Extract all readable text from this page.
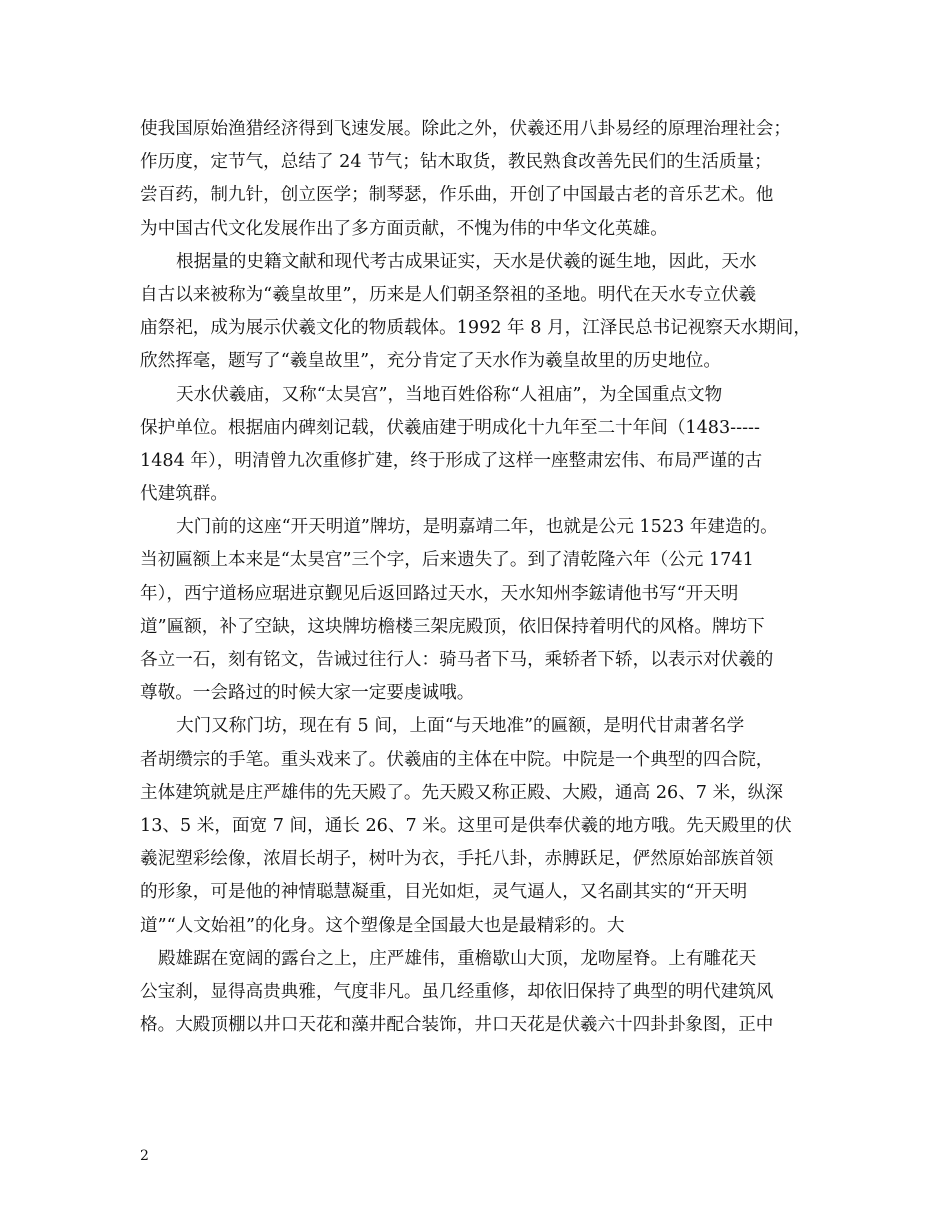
使我国原始渔猎经济得到飞速发展。除此之外，伏羲还用八卦易经的原理治理社会；
作历度，定节气，总结了 24 节气；钻木取货，教民熟食改善先民们的生活质量；
尝百药，制九针，创立医学；制琴瑟，作乐曲，开创了中国最古老的音乐艺术。他
为中国古代文化发展作出了多方面贡献，不愧为伟的中华文化英雄。
根据量的史籍文献和现代考古成果证实，天水是伏羲的诞生地，因此，天水
自古以来被称为“羲皇故里”，历来是人们朝圣祭祖的圣地。明代在天水专立伏羲
庙祭祀，成为展示伏羲文化的物质载体。1992 年 8 月，江泽民总书记视察天水期间，
欣然挥毫，题写了“羲皇故里”，充分肯定了天水作为羲皇故里的历史地位。
天水伏羲庙，又称“太昊宫”，当地百姓俗称“人祖庙”，为全国重点文物
保护单位。根据庙内碑刻记载，伏羲庙建于明成化十九年至二十年间（1483-----
1484 年），明清曾九次重修扩建，终于形成了这样一座整肃宏伟、布局严谨的古
代建筑群。
大门前的这座“开天明道”牌坊，是明嘉靖二年，也就是公元 1523 年建造的。
当初匾额上本来是“太昊宫”三个字，后来遗失了。到了清乾隆六年（公元 1741
年），西宁道杨应琚进京觐见后返回路过天水，天水知州李鋐请他书写“开天明
道”匾额，补了空缺，这块牌坊檐楼三架庑殿顶，依旧保持着明代的风格。牌坊下
各立一石，刻有铭文，告诫过往行人：骑马者下马，乘轿者下轿，以表示对伏羲的
尊敬。一会路过的时候大家一定要虔诚哦。
大门又称门坊，现在有 5 间，上面“与天地准”的匾额，是明代甘肃著名学
者胡缵宗的手笔。重头戏来了。伏羲庙的主体在中院。中院是一个典型的四合院，
主体建筑就是庄严雄伟的先天殿了。先天殿又称正殿、大殿，通高 26、7 米，纵深
13、5 米，面宽 7 间，通长 26、7 米。这里可是供奉伏羲的地方哦。先天殿里的伏
羲泥塑彩绘像，浓眉长胡子，树叶为衣，手托八卦，赤膊跃足，俨然原始部族首领
的形象，可是他的神情聪慧凝重，目光如炬，灵气逼人，又名副其实的“开天明
道”“人文始祖”的化身。这个塑像是全国最大也是最精彩的。大
殿雄踞在宽阔的露台之上，庄严雄伟，重檐歇山大顶，龙吻屋脊。上有雕花天
公宝刹，显得高贵典雅，气度非凡。虽几经重修，却依旧保持了典型的明代建筑风
格。大殿顶棚以井口天花和藻井配合装饰，井口天花是伏羲六十四卦卦象图，正中
2
